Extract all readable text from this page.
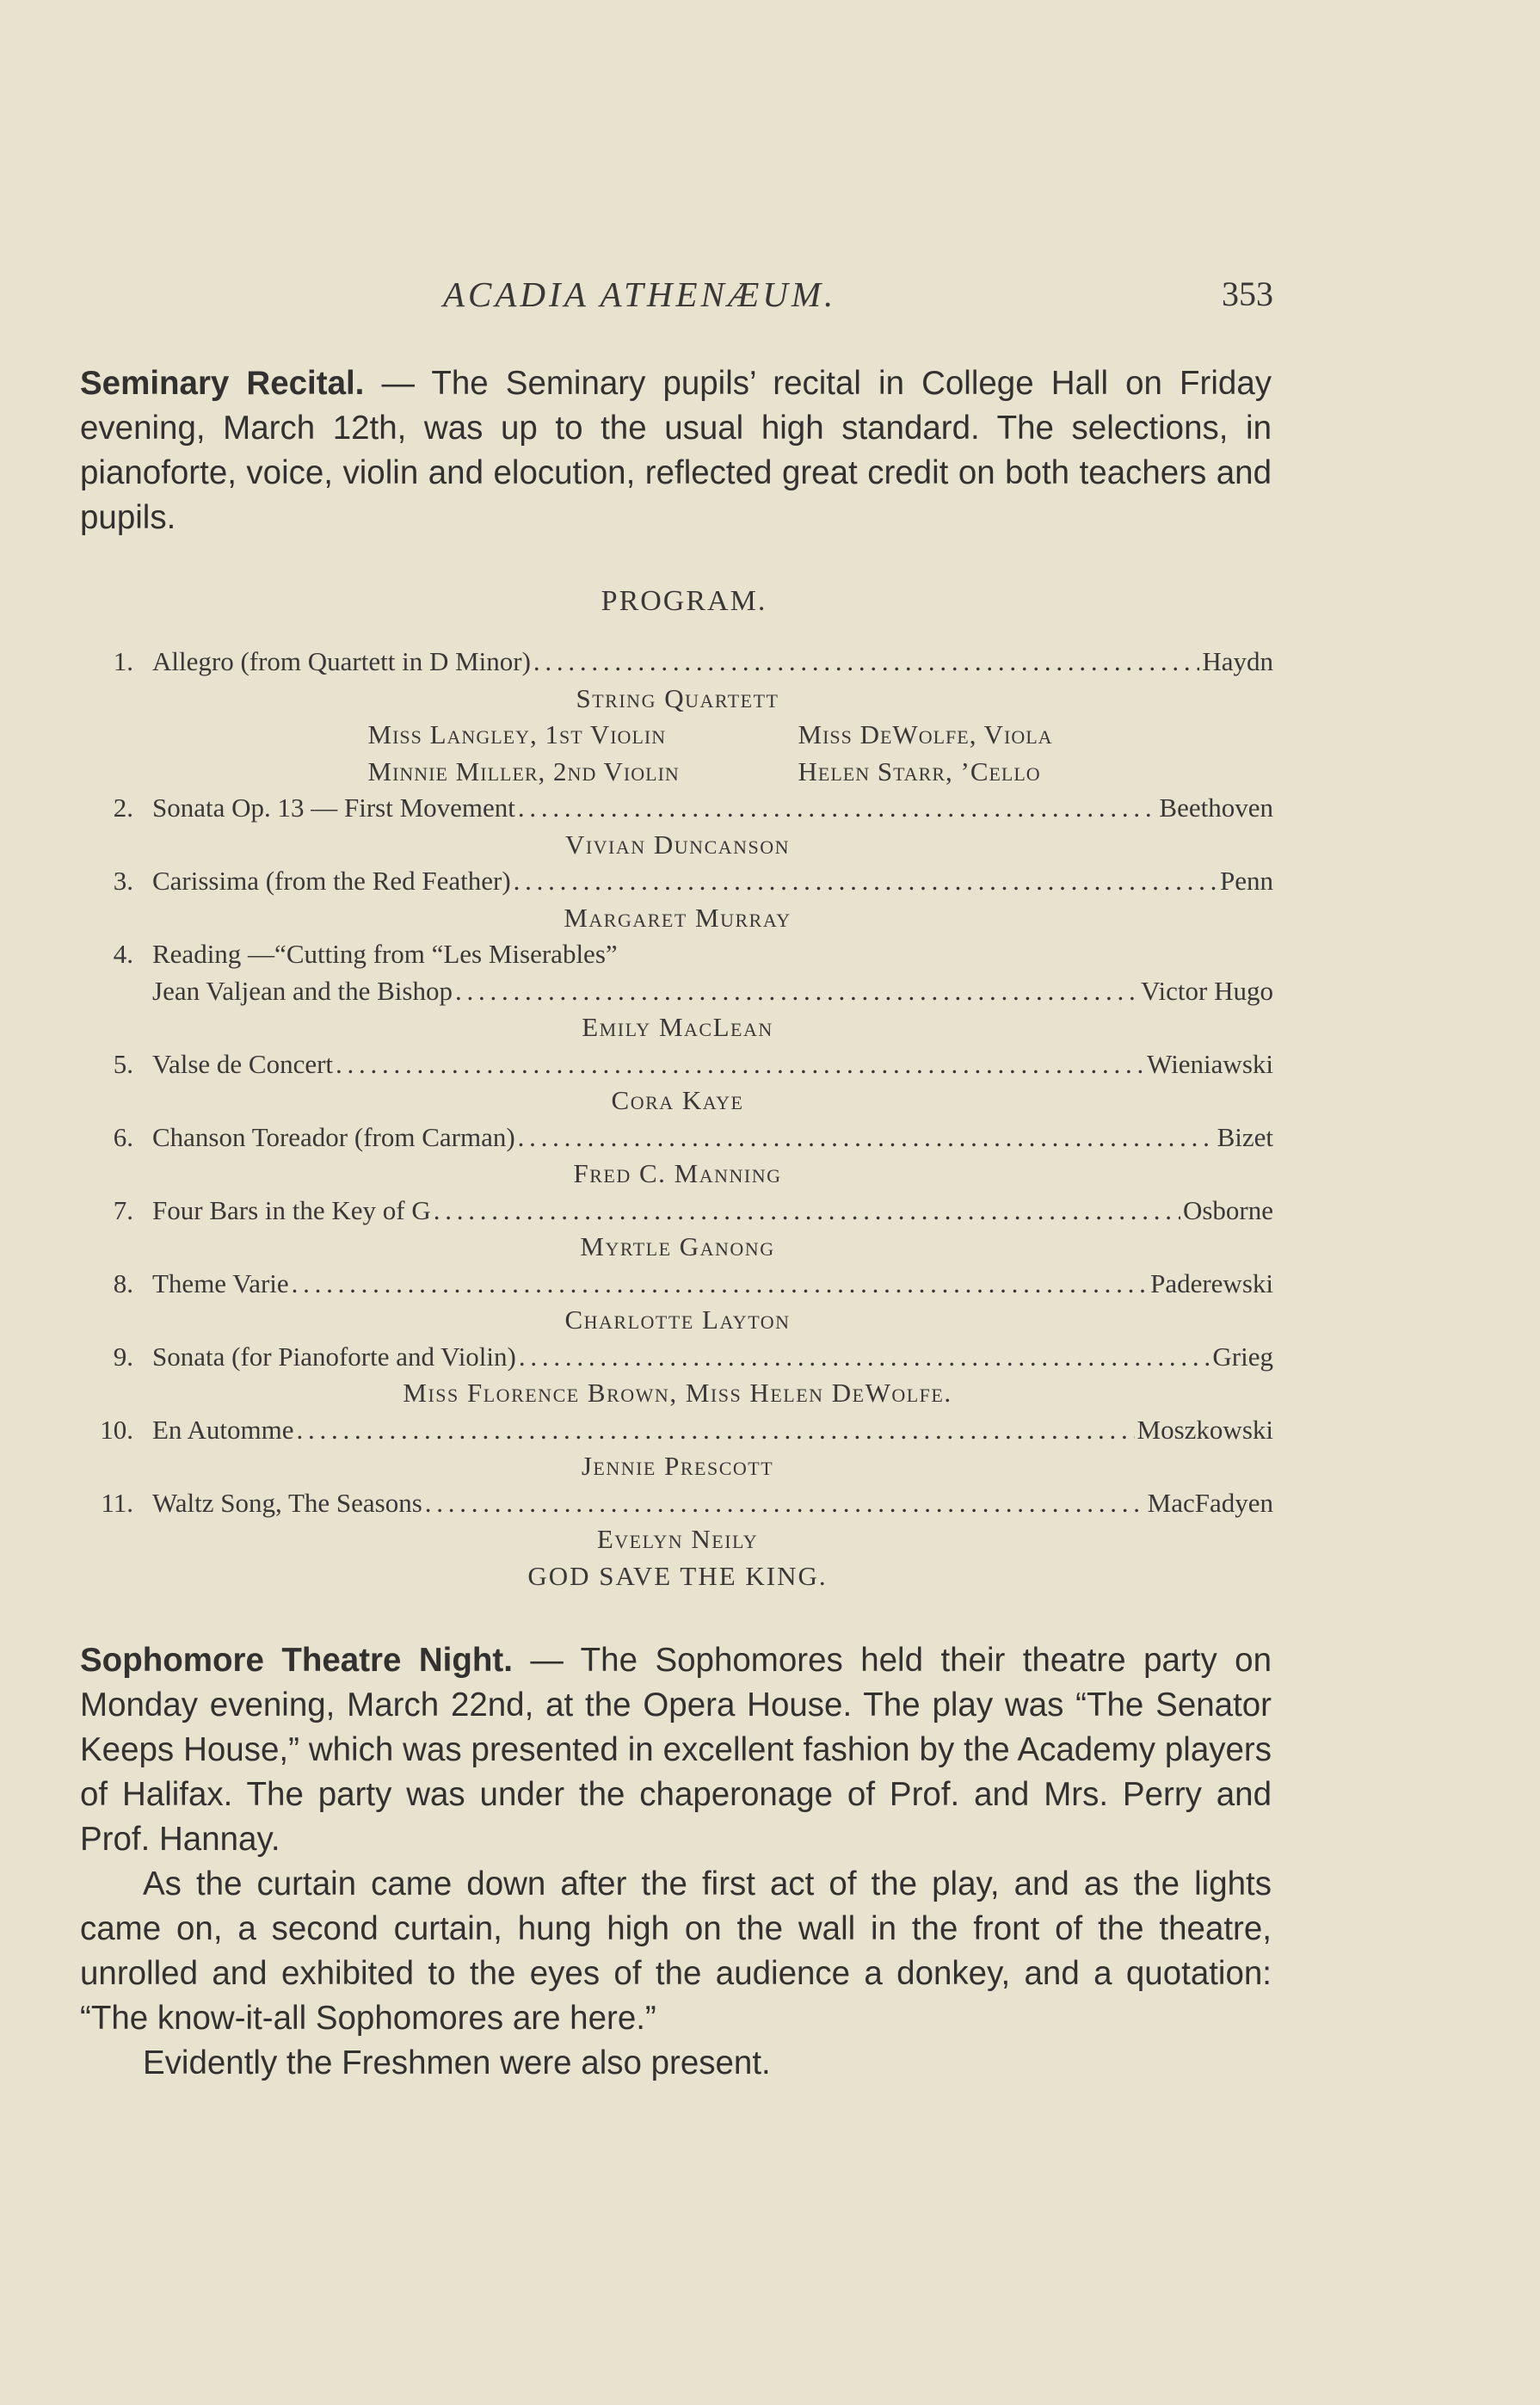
ACADIA ATHENÆUM.	353

Seminary Recital. — The Seminary pupils’ recital in College Hall on Friday evening, March 12th, was up to the usual high standard. The selections, in pianoforte, voice, violin and elocution, reflected great credit on both teachers and pupils.

PROGRAM.
1. Allegro (from Quartett in D Minor) . . .	Haydn
String Quartett
Miss Langley, 1st Violin	Miss DeWolfe, Viola
Minnie Miller, 2nd Violin	Helen Starr, ’Cello
2. Sonata Op. 13 — First Movement . . .	Beethoven
Vivian Duncanson
3. Carissima (from the Red Feather) . . .	Penn
Margaret Murray
4. Reading —“Cutting from “Les Miserables”
Jean Valjean and the Bishop . . .	Victor Hugo
Emily MacLean
5. Valse de Concert . . .	Wieniawski
Cora Kaye
6. Chanson Toreador (from Carman) . . .	Bizet
Fred C. Manning
7. Four Bars in the Key of G . . .	Osborne
Myrtle Ganong
8. Theme Varie . . .	Paderewski
Charlotte Layton
9. Sonata (for Pianoforte and Violin) . . .	Grieg
Miss Florence Brown, Miss Helen DeWolfe.
10. En Automme . . .	Moszkowski
Jennie Prescott
11. Waltz Song, The Seasons . . .	MacFadyen
Evelyn Neily
GOD SAVE THE KING.

Sophomore Theatre Night. — The Sophomores held their theatre party on Monday evening, March 22nd, at the Opera House. The play was “The Senator Keeps House,” which was presented in excellent fashion by the Academy players of Halifax. The party was under the chaperonage of Prof. and Mrs. Perry and Prof. Hannay.

As the curtain came down after the first act of the play, and as the lights came on, a second curtain, hung high on the wall in the front of the theatre, unrolled and exhibited to the eyes of the audience a donkey, and a quotation: “The know-it-all Sophomores are here.”

Evidently the Freshmen were also present.
